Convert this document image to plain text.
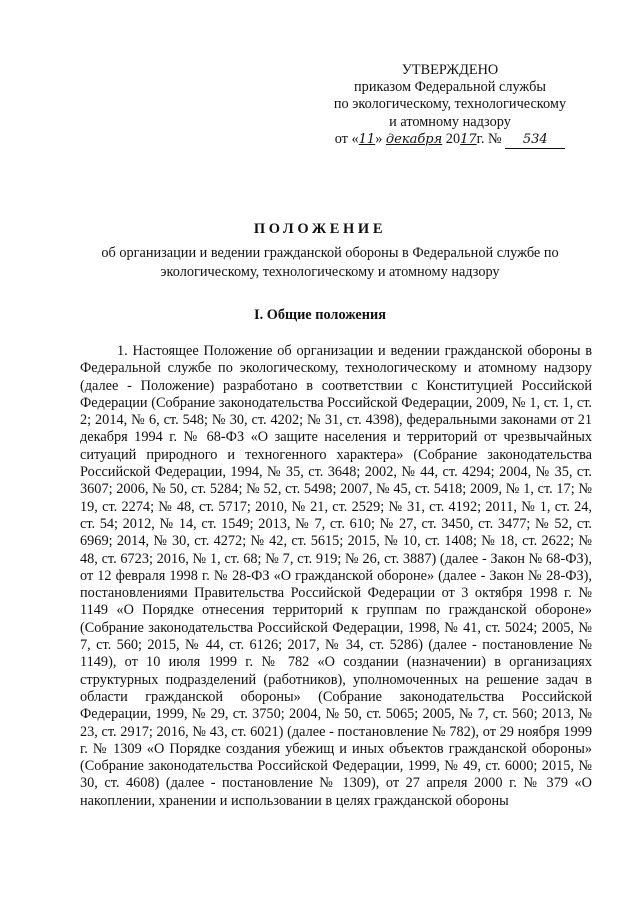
УТВЕРЖДЕНО
приказом Федеральной службы
по экологическому, технологическому
и атомному надзору
от «11» декабря 2017г. № 534
ПОЛОЖЕНИЕ

об организации и ведении гражданской обороны в Федеральной службе по экологическому, технологическому и атомному надзору

I. Общие положения

1. Настоящее Положение об организации и ведении гражданской обороны в Федеральной службе по экологическому, технологическому и атомному надзору (далее - Положение) разработано в соответствии с Конституцией Российской Федерации (Собрание законодательства Российской Федерации, 2009, № 1, ст. 1, ст. 2; 2014, № 6, ст. 548; № 30, ст. 4202; № 31, ст. 4398), федеральными законами от 21 декабря 1994 г. № 68-ФЗ «О защите населения и территорий от чрезвычайных ситуаций природного и техногенного характера» (Собрание законодательства Российской Федерации, 1994, № 35, ст. 3648; 2002, № 44, ст. 4294; 2004, № 35, ст. 3607; 2006, № 50, ст. 5284; № 52, ст. 5498; 2007, № 45, ст. 5418; 2009, № 1, ст. 17; № 19, ст. 2274; № 48, ст. 5717; 2010, № 21, ст. 2529; № 31, ст. 4192; 2011, № 1, ст. 24, ст. 54; 2012, № 14, ст. 1549; 2013, № 7, ст. 610; № 27, ст. 3450, ст. 3477; № 52, ст. 6969; 2014, № 30, ст. 4272; № 42, ст. 5615; 2015, № 10, ст. 1408; № 18, ст. 2622; № 48, ст. 6723; 2016, № 1, ст. 68; № 7, ст. 919; № 26, ст. 3887) (далее - Закон № 68-ФЗ), от 12 февраля 1998 г. № 28-ФЗ «О гражданской обороне» (далее - Закон № 28-ФЗ), постановлениями Правительства Российской Федерации от 3 октября 1998 г. № 1149 «О Порядке отнесения территорий к группам по гражданской обороне» (Собрание законодательства Российской Федерации, 1998, № 41, ст. 5024; 2005, № 7, ст. 560; 2015, № 44, ст. 6126; 2017, № 34, ст. 5286) (далее - постановление № 1149), от 10 июля 1999 г. № 782 «О создании (назначении) в организациях структурных подразделений (работников), уполномоченных на решение задач в области гражданской обороны» (Собрание законодательства Российской Федерации, 1999, № 29, ст. 3750; 2004, № 50, ст. 5065; 2005, № 7, ст. 560; 2013, № 23, ст. 2917; 2016, № 43, ст. 6021) (далее - постановление № 782), от 29 ноября 1999 г. № 1309 «О Порядке создания убежищ и иных объектов гражданской обороны» (Собрание законодательства Российской Федерации, 1999, № 49, ст. 6000; 2015, № 30, ст. 4608) (далее - постановление № 1309), от 27 апреля 2000 г. № 379 «О накоплении, хранении и использовании в целях гражданской обороны
